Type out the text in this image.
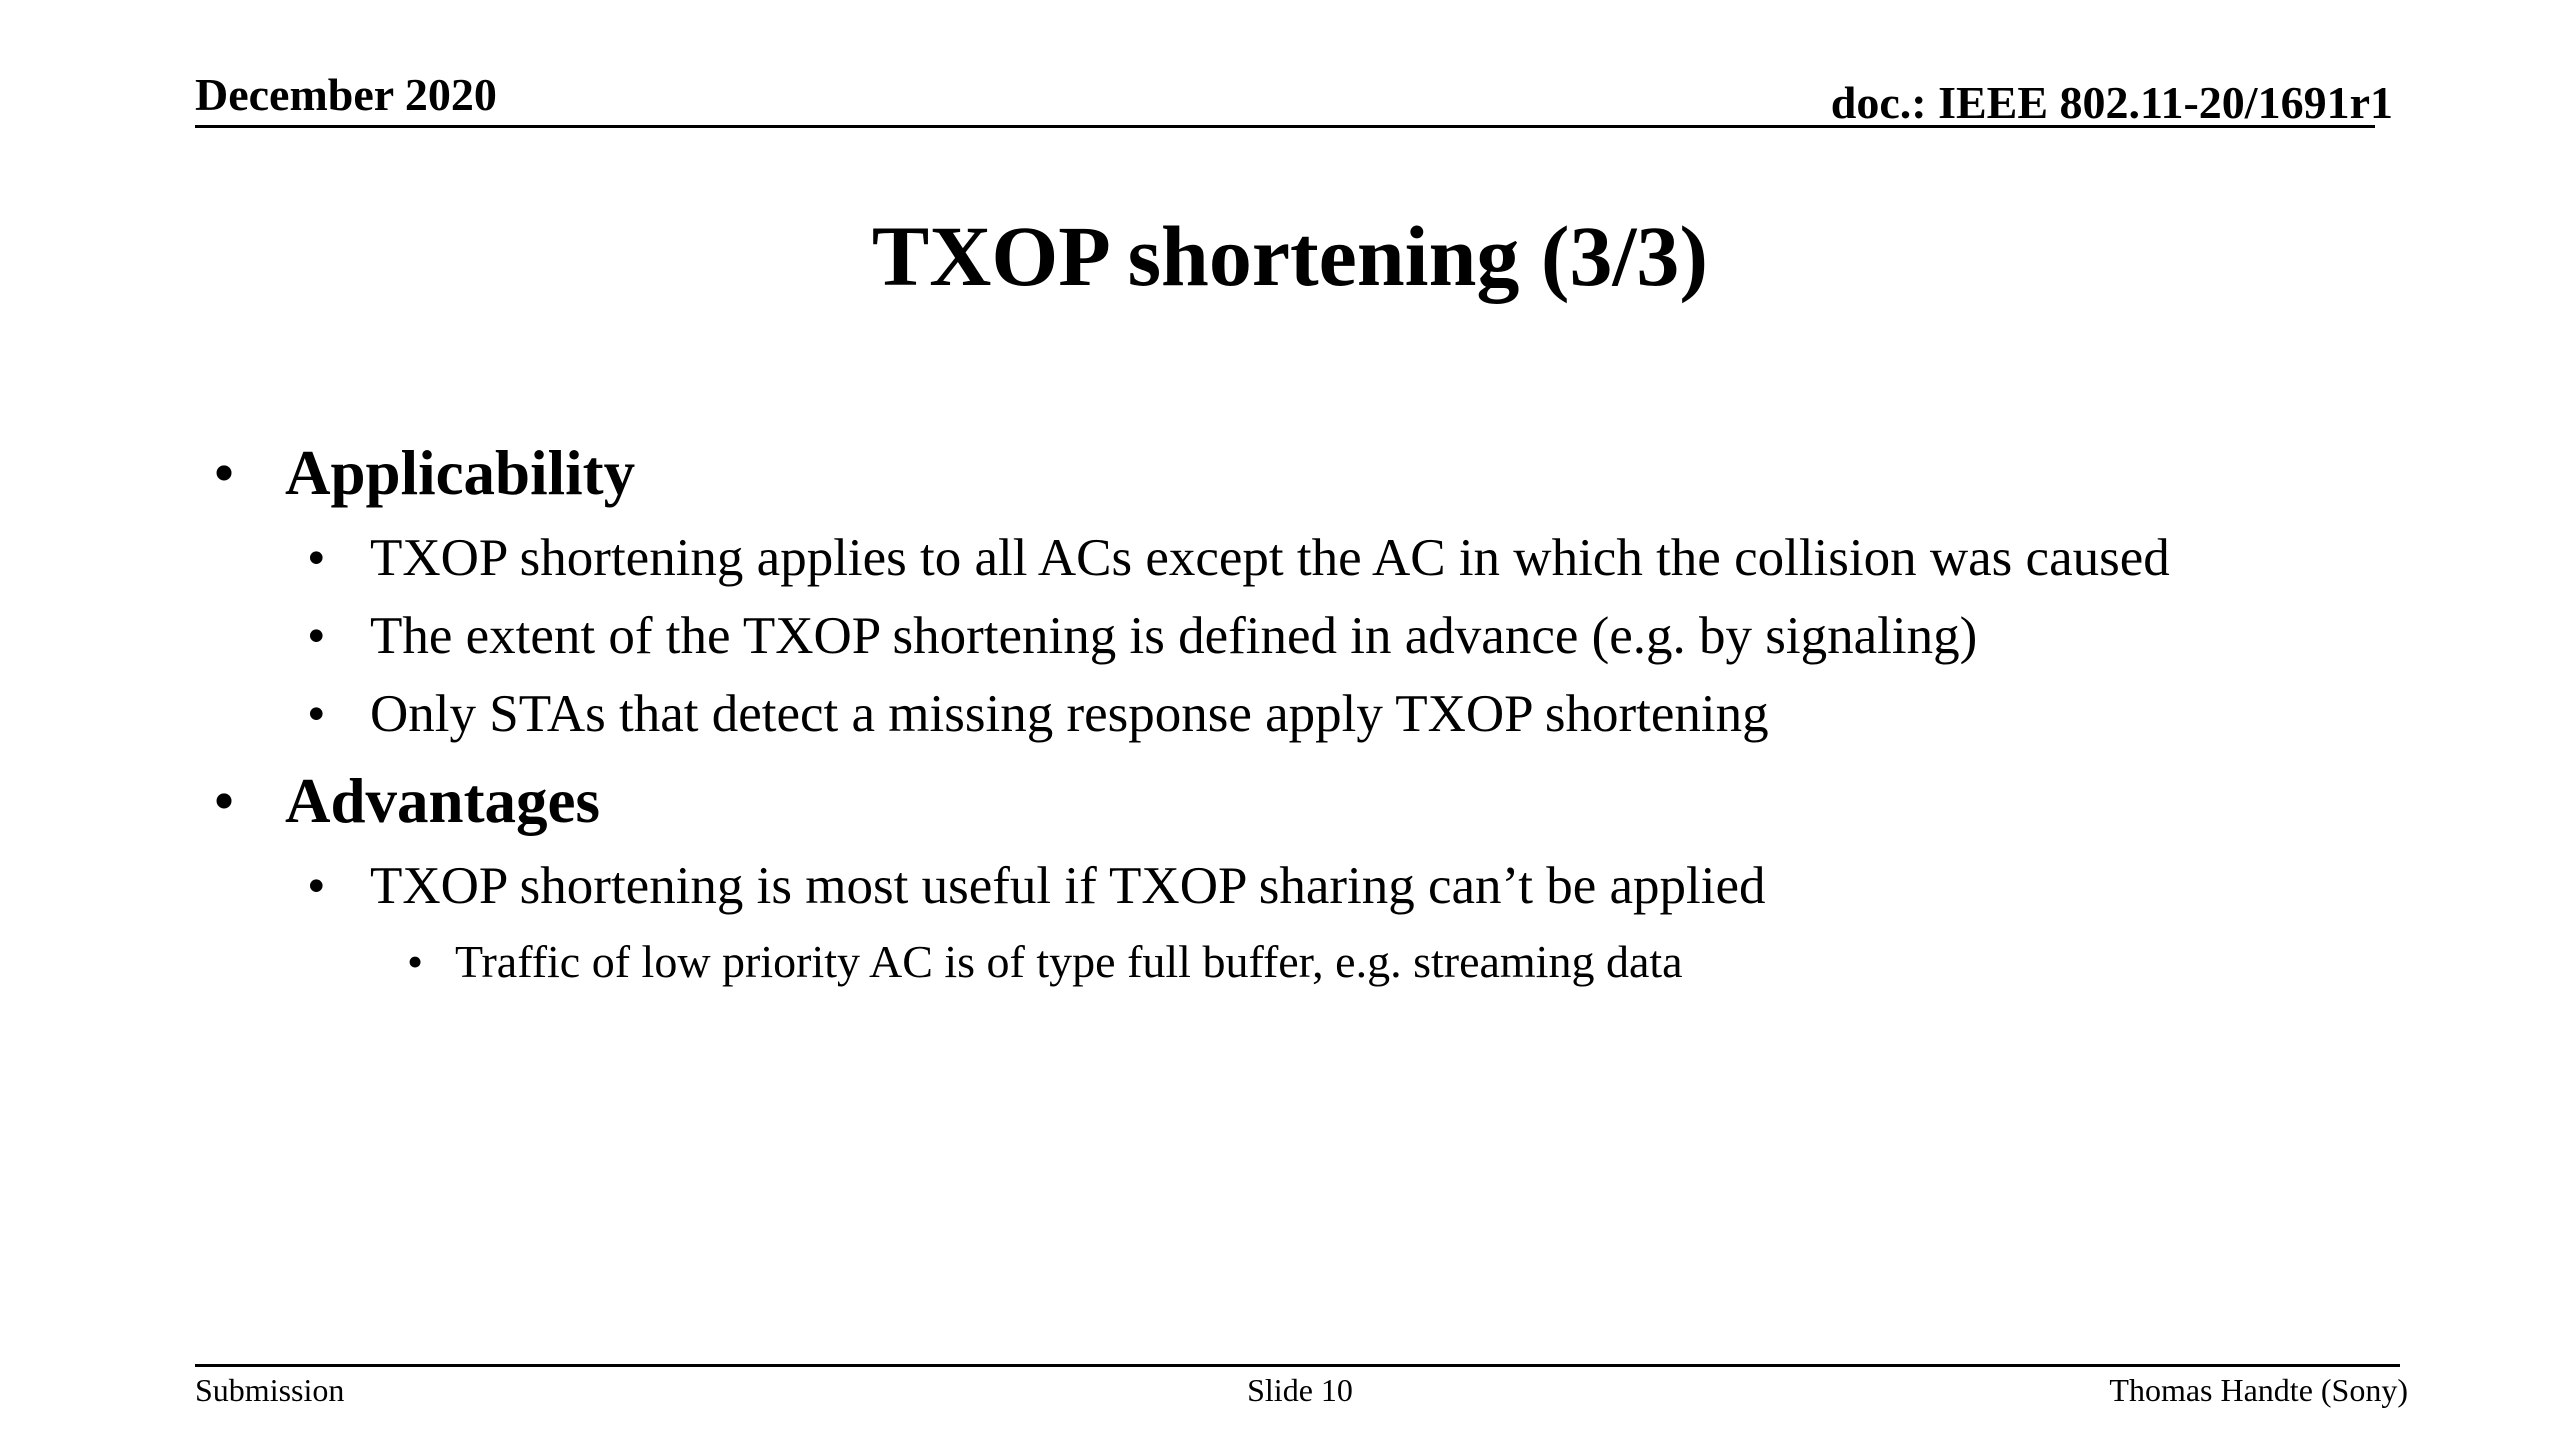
December 2020	doc.: IEEE 802.11-20/1691r1
TXOP shortening (3/3)
• Applicability
• TXOP shortening applies to all ACs except the AC in which the collision was caused
• The extent of the TXOP shortening is defined in advance (e.g. by signaling)
• Only STAs that detect a missing response apply TXOP shortening
• Advantages
• TXOP shortening is most useful if TXOP sharing can’t be applied
• Traffic of low priority AC is of type full buffer, e.g. streaming data
Submission	Slide 10	Thomas Handte (Sony)
